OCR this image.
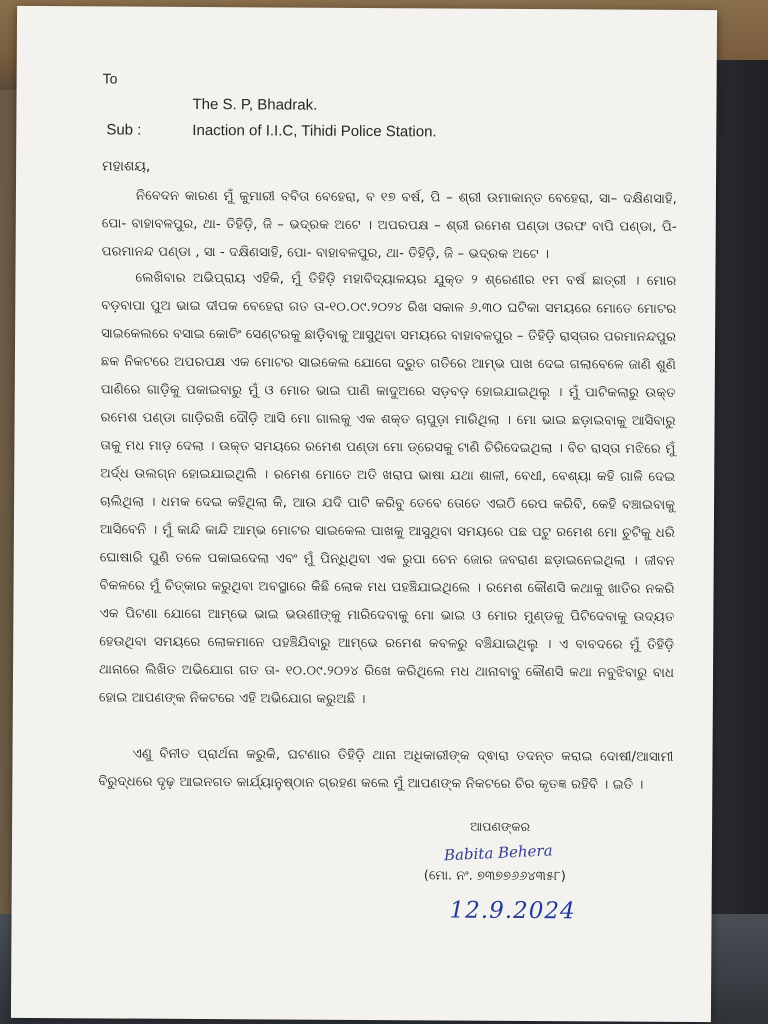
To
The S. P, Bhadrak.
Sub :	Inaction of I.I.C, Tihidi Police Station.
ମହାଶୟ,
ନିବେଦନ କାରଣ ମୁଁ କୁମାରୀ ବବିତା ବେହେରା, ବ ୧୭ ବର୍ଷ, ପି – ଶ୍ରୀ ଉମାକାନ୍ତ ବେହେରା, ସା– ଦକ୍ଷିଣସାହି, ପୋ- ବାହାବଳପୁର, ଥା- ତିହିଡ଼ି, ଜି – ଭଦ୍ରକ ଅଟେ । ଅପରପକ୍ଷ – ଶ୍ରୀ ରମେଶ ପଣ୍ଡା ଓରଫ ବାପି ପଣ୍ଡା, ପି- ପରମାନନ୍ଦ ପଣ୍ଡା , ସା - ଦକ୍ଷିଣସାହି, ପୋ- ବାହାବଳପୁର, ଥା- ତିହିଡ଼ି, ଜି – ଭଦ୍ରକ ଅଟେ ।
ଲେଖିବାର ଅଭିପ୍ରାୟ ଏହିକି, ମୁଁ ତିହିଡ଼ି ମହାବିଦ୍ୟାଳୟର ଯୁକ୍ତ ୨ ଶ୍ରେଣୀର ୧ମ ବର୍ଷ ଛାତ୍ରୀ । ମୋର ବଡ଼ବାପା ପୁଅ ଭାଇ ଦୀପକ ବେହେରା ଗତ ତା-୧୦.୦୯.୨୦୨୪ ରିଖ ସକାଳ ୬.୩୦ ଘଟିକା ସମୟରେ ମୋତେ ମୋଟର ସାଇକେଲରେ ବସାଇ କୋଚିଂ ସେଣ୍ଟରକୁ ଛାଡ଼ିବାକୁ ଆସୁଥିବା ସମୟରେ ବାହାବଳପୁର – ତିହିଡ଼ି ରାସ୍ତାର ପରମାନନ୍ଦପୁର ଛକ ନିକଟରେ ଅପରପକ୍ଷ ଏକ ମୋଟର ସାଇକେଲ ଯୋଗେ ଦ୍ରୁତ ଗତିରେ ଆମ୍ଭ ପାଖ ଦେଇ ଗଲାବେଳେ ଜାଣି ଶୁଣି ପାଣିରେ ଗାଡ଼ିକୁ ପକାଇବାରୁ ମୁଁ ଓ ମୋର ଭାଇ ପାଣି କାଦୁଅରେ ସଡ଼ବଡ଼ ହୋଇଯାଇଥିଲୁ । ମୁଁ ପାଟିକଲାରୁ ଉକ୍ତ ରମେଶ ପଣ୍ଡା ଗାଡ଼ିରଖି ଦୌଡ଼ି ଆସି ମୋ ଗାଲକୁ ଏକ ଶକ୍ତ ଚାପୁଡ଼ା ମାରିଥିଲା । ମୋ ଭାଇ ଛଡ଼ାଇବାକୁ ଆସିବାରୁ ତାକୁ ମଧ ମାଡ଼ ଦେଲା । ଉକ୍ତ ସମୟରେ ରମେଶ ପଣ୍ଡା ମୋ ଡ୍ରେସକୁ ଟାଣି ଚିରିଦେଇଥିଲା । ବିଚ ରାସ୍ତା ମଝିରେ ମୁଁ ଅର୍ଦ୍ଧ ଉଲଗ୍ନ ହୋଇଯାଇଥିଲି । ରମେଶ ମୋତେ ଅତି ଖରାପ ଭାଷା ଯଥା ଶାଳୀ, ବେଧୀ, ବେଶ୍ୟା କହି ଗାଳି ଦେଇ ଚାଲିଥିଲା । ଧମକ ଦେଇ କହିଥିଲା କି, ଆଉ ଯଦି ପାଟି କରିବୁ ତେବେ ତୋତେ ଏଇଠି ରେପ କରିବି, କେହି ବଞ୍ଚାଇବାକୁ ଆସିବେନି । ମୁଁ କାନ୍ଦି କାନ୍ଦି ଆମ୍ଭ ମୋଟର ସାଇକେଲ ପାଖକୁ ଆସୁଥିବା ସମୟରେ ପଛ ପଟୁ ରମେଶ ମୋ ଚୁଟିକୁ ଧରି ଘୋଷାରି ପୁଣି ତଳେ ପକାଇଦେଲା ଏବଂ ମୁଁ ପିନ୍ଧିଥିବା ଏକ ରୁପା ଚେନ ଜୋର ଜବରାଣ ଛଡ଼ାଇନେଇଥିଲା । ଜୀବନ ବିକଳରେ ମୁଁ ଚିତ୍କାର କରୁଥିବା ଅବସ୍ଥାରେ କିଛି ଲୋକ ମଧ ପହଞ୍ଚିଯାଇଥିଲେ । ରମେଶ କୌଣସି କଥାକୁ ଖାତିର ନକରି ଏକ ପିଟଣା ଯୋଗେ ଆମ୍ଭେ ଭାଇ ଭଉଣୀଙ୍କୁ ମାରିଦେବାକୁ ମୋ ଭାଇ ଓ ମୋର ମୁଣ୍ଡକୁ ପିଟିଦେବାକୁ ଉଦ୍ୟତ ହେଉଥିବା ସମୟରେ ଲୋକମାନେ ପହଞ୍ଚିଯିବାରୁ ଆମ୍ଭେ ରମେଶ କବଳରୁ ବଞ୍ଚିଯାଇଥିଲୁ । ଏ ବାବଦରେ ମୁଁ ତିହିଡ଼ି ଥାନାରେ ଲିଖିତ ଅଭିଯୋଗ ଗତ ତା- ୧୦.୦୯.୨୦୨୪ ରିଖେ କରିଥିଲେ ମଧ ଥାନାବାବୁ କୌଣସି କଥା ନବୁଝିବାରୁ ବାଧ ହୋଇ ଆପଣଙ୍କ ନିକଟରେ ଏହି ଅଭିଯୋଗ କରୁଅଛି ।
ଏଣୁ ବିନୀତ ପ୍ରାର୍ଥନା କରୁକି, ଘଟଣାର ତିହିଡ଼ି ଥାନା ଅଧିକାରୀଙ୍କ ଦ୍ଵାରା ତଦନ୍ତ କରାଇ ଦୋଷୀ/ଆସାମୀ ବିରୁଦ୍ଧରେ ଦୃଢ଼ ଆଇନଗତ କାର୍ଯ୍ୟାନୁଷ୍ଠାନ ଗ୍ରହଣ କଲେ ମୁଁ ଆପଣଙ୍କ ନିକଟରେ ଚିର କୃତଜ୍ଞ ରହିବି । ଇତି ।
ଆପଣଙ୍କର
Babita Behera
(ମୋ. ନଂ. ୭୩୭୭୬୬୪୩୫୮)
12.9.2024
